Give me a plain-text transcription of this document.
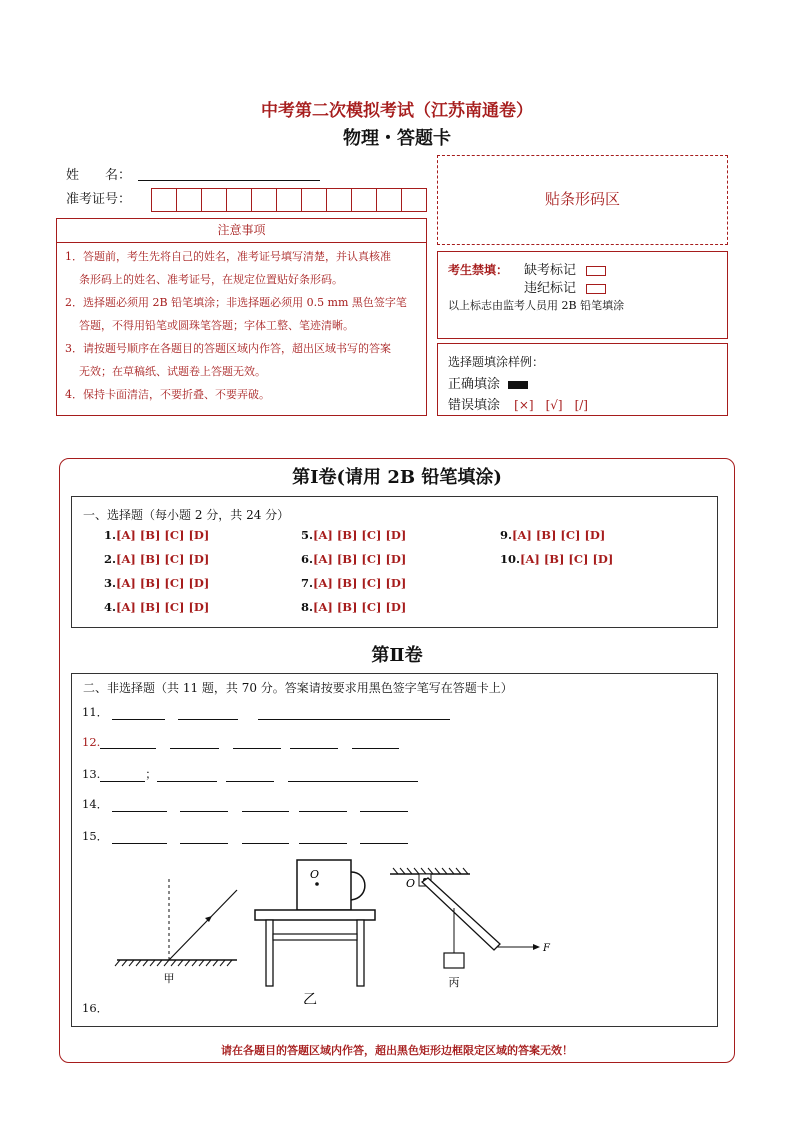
中考第二次模拟考试（江苏南通卷）
物理・答题卡
姓　　名：
准考证号：	贴条形码区
注意事项
1．答题前，考生先将自己的姓名，准考证号填写清楚，并认真核准
条形码上的姓名、准考证号，在规定位置贴好条形码。
2．选择题必须用 2B 铅笔填涂；非选择题必须用 0.5 mm 黑色签字笔
答题，不得用铅笔或圆珠笔答题；字体工整、笔迹清晰。
3．请按题号顺序在各题目的答题区域内作答，超出区域书写的答案
无效；在草稿纸、试题卷上答题无效。
4．保持卡面清洁，不要折叠、不要弄破。
考生禁填： 缺考标记
违纪标记
以上标志由监考人员用 2B 铅笔填涂
选择题填涂样例：
正确填涂
错误填涂 [×]　[√]　[/]
第Ⅰ卷(请用 2B 铅笔填涂)
一、选择题（每小题 2 分，共 24 分）
1.[A] [B] [C] [D]
2.[A] [B] [C] [D]
3.[A] [B] [C] [D]
4.[A] [B] [C] [D]
5.[A] [B] [C] [D]
6.[A] [B] [C] [D]
7.[A] [B] [C] [D]
8.[A] [B] [C] [D]
9.[A] [B] [C] [D]
10.[A] [B] [C] [D]
第Ⅱ卷
二、非选择题（共 11 题，共 70 分。答案请按要求用黑色签字笔写在答题卡上）
11．
12.
13.	；
14．
15．
甲
O
乙
O
F
丙
16．
请在各题目的答题区域内作答，超出黑色矩形边框限定区域的答案无效！
